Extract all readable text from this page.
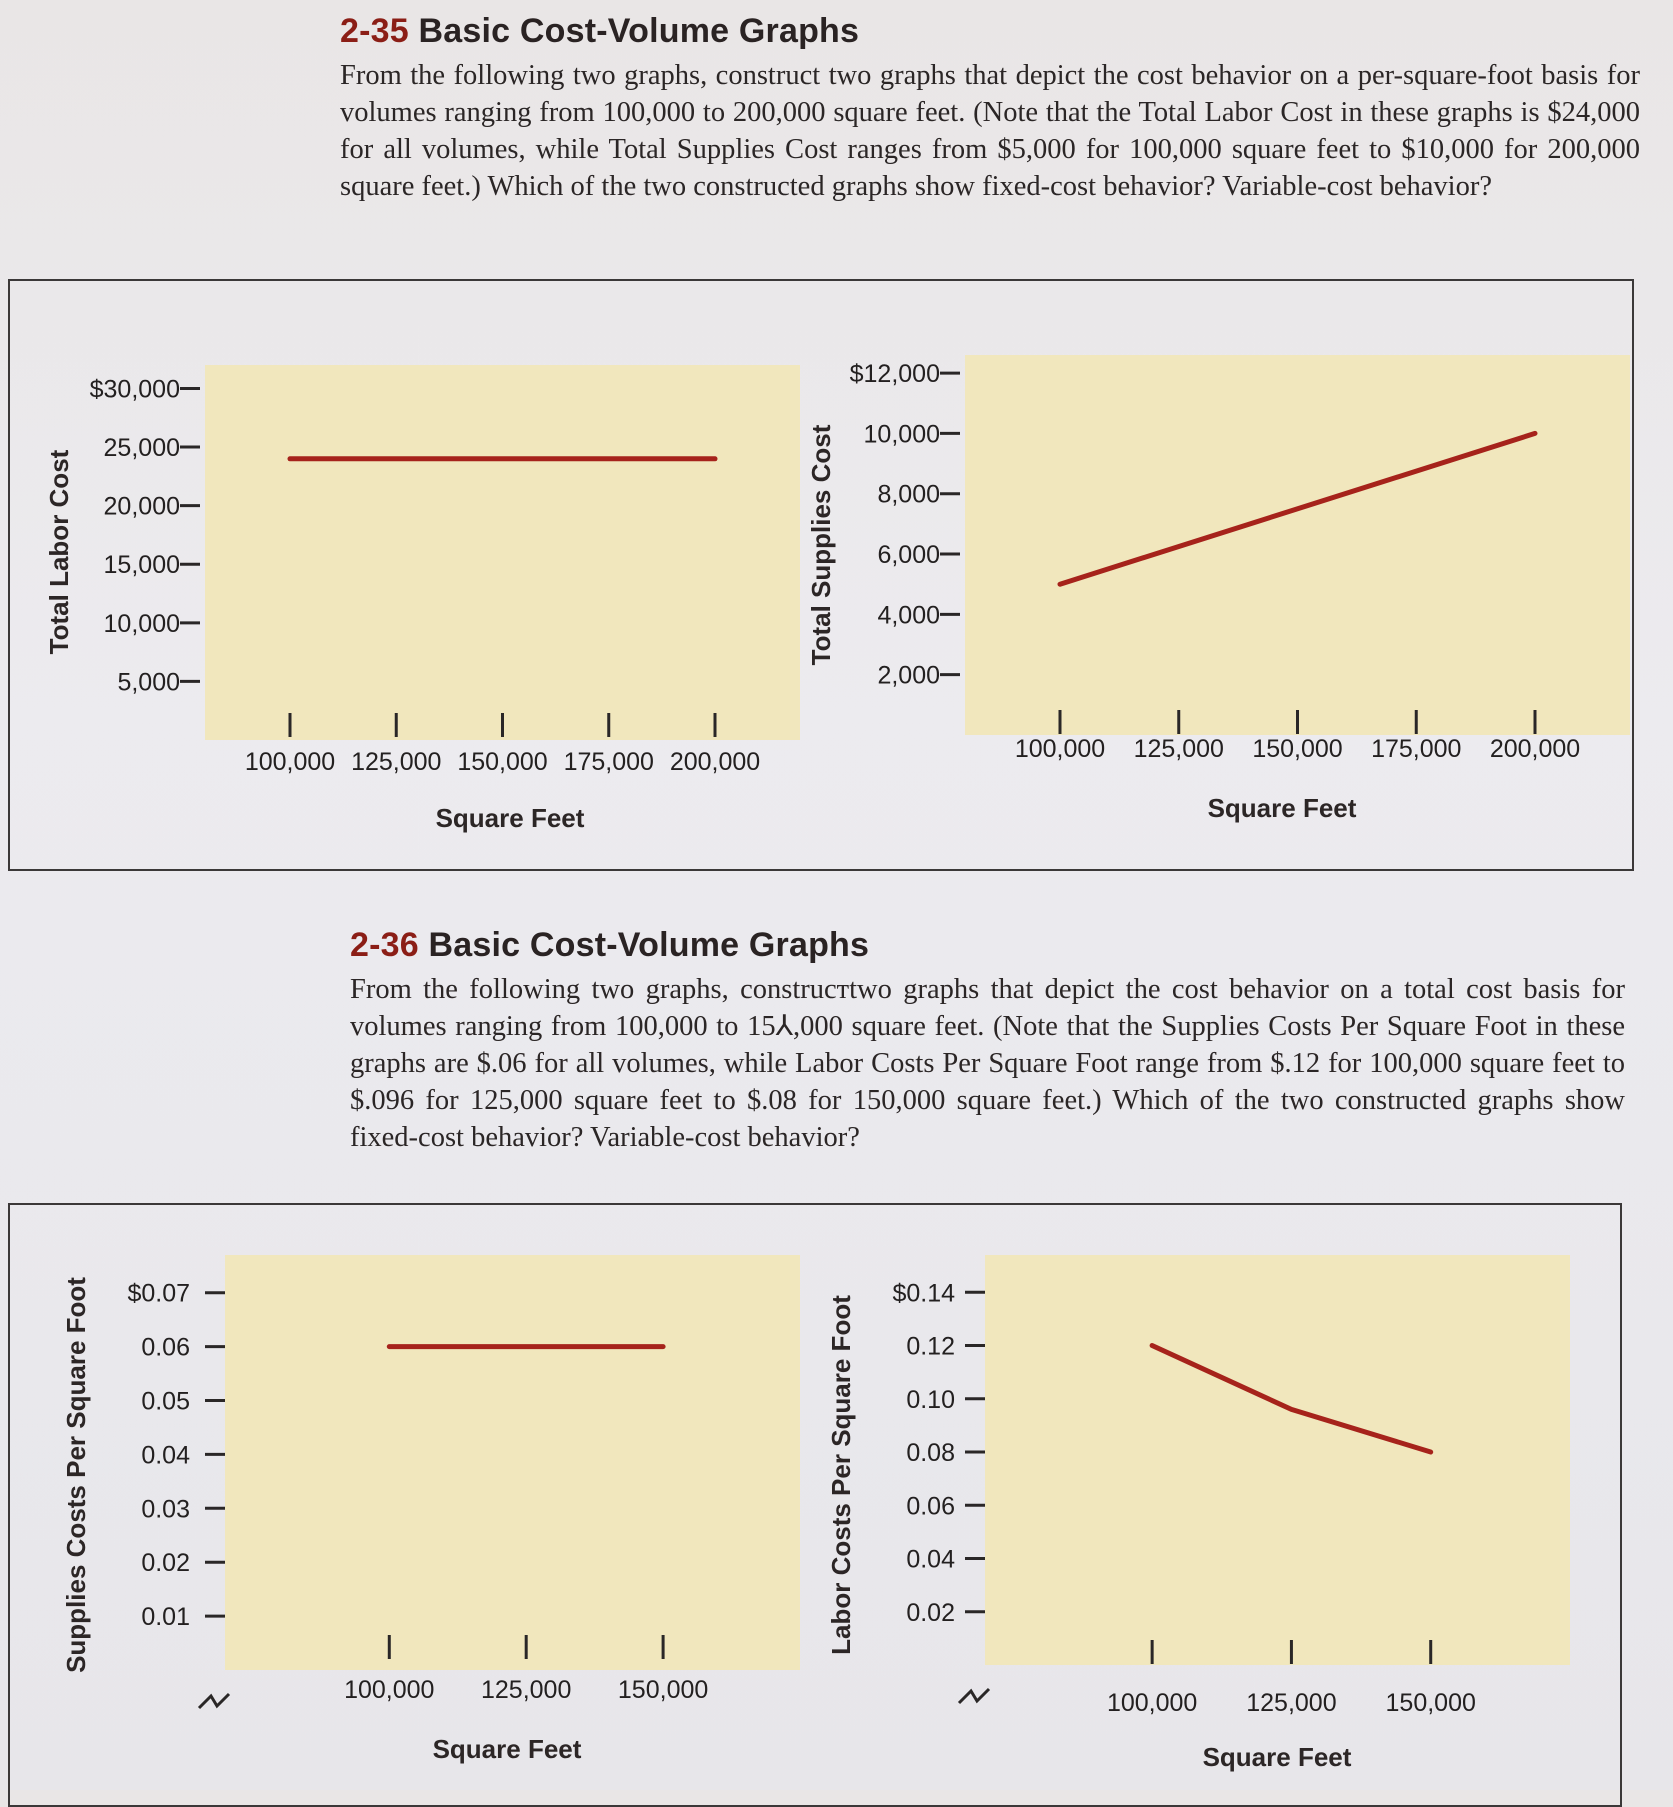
2-35 Basic Cost-Volume Graphs

From the following two graphs, construct two graphs that depict the cost behavior on a per-square-foot basis for volumes ranging from 100,000 to 200,000 square feet. (Note that the Total Labor Cost in these graphs is $24,000 for all volumes, while Total Supplies Cost ranges from $5,000 for 100,000 square feet to $10,000 for 200,000 square feet.) Which of the two constructed graphs show fixed-cost behavior? Variable-cost behavior?

$30,000
25,000
20,000
15,000
10,000
5,000
100,000 125,000 150,000 175,000 200,000
Square Feet
Total Labor Cost
$12,000
10,000
8,000
6,000
4,000
2,000
100,000 125,000 150,000 175,000 200,000
Square Feet
Total Supplies Cost
2-36 Basic Cost-Volume Graphs

From the following two graphs, construcᴛtwo graphs that depict the cost behavior on a total cost basis for volumes ranging from 100,000 to 15⅄,000 square feet. (Note that the Supplies Costs Per Square Foot in these graphs are $.06 for all volumes, while Labor Costs Per Square Foot range from $.12 for 100,000 square feet to $.096 for 125,000 square feet to $.08 for 150,000 square feet.) Which of the two constructed graphs show fixed-cost behavior? Variable-cost behavior?

$0.07
0.06
0.05
0.04
0.03
0.02
0.01
100,000 125,000 150,000
Square Feet
Supplies Costs Per Square Foot	$0.14
0.12
0.10
0.08
0.06
0.04
0.02
100,000 125,000 150,000
Square Feet
Labor Costs Per Square Foot
